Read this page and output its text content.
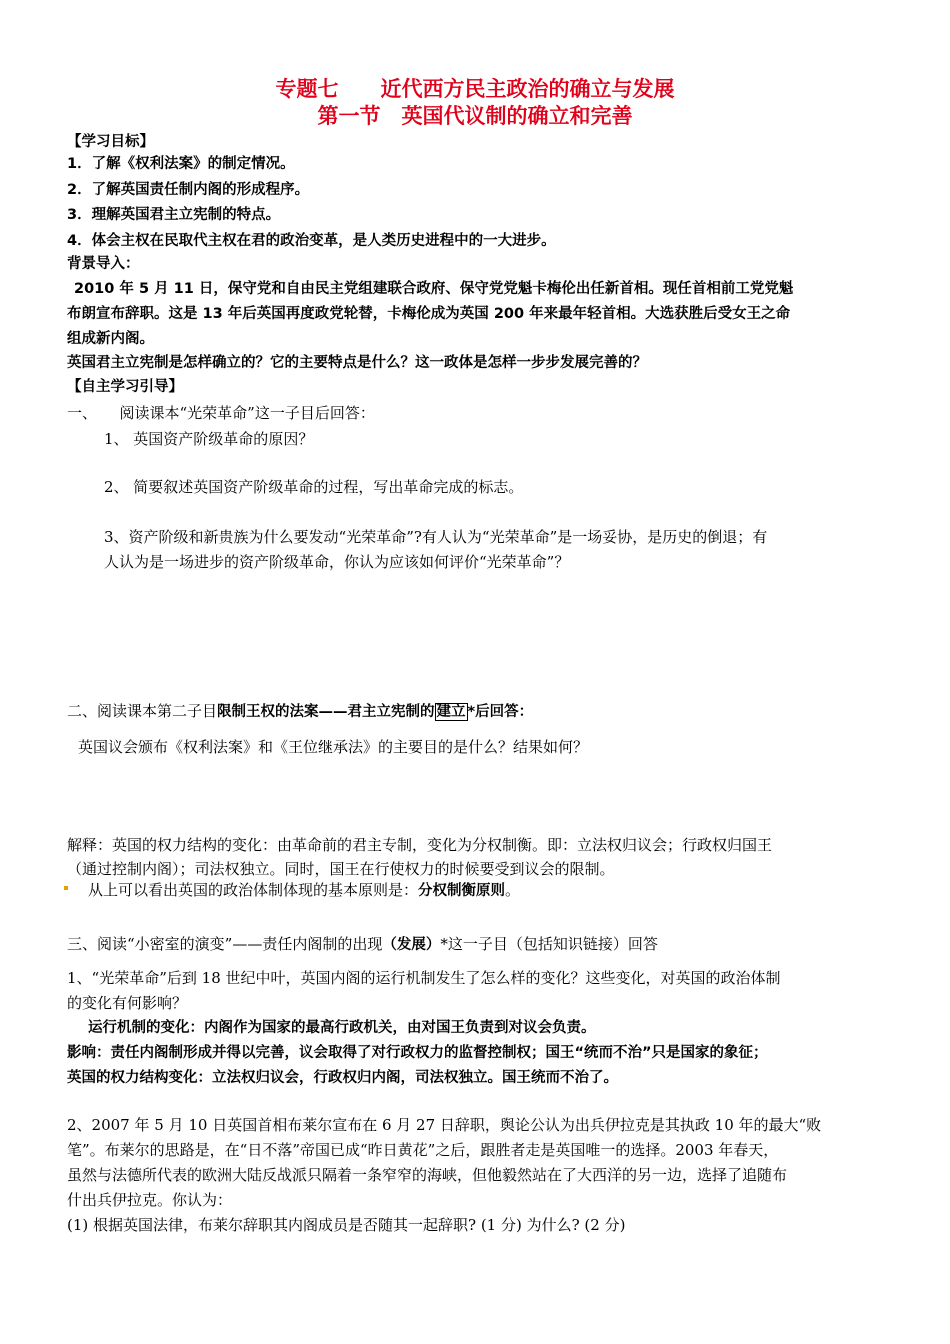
专题七　　近代西方民主政治的确立与发展
第一节　英国代议制的确立和完善
【学习目标】
1．了解《权利法案》的制定情况。
2．了解英国责任制内阁的形成程序。
3．理解英国君主立宪制的特点。
4．体会主权在民取代主权在君的政治变革，是人类历史进程中的一大进步。
背景导入：
2010 年 5 月 11 日，保守党和自由民主党组建联合政府、保守党党魁卡梅伦出任新首相。现任首相前工党党魁
布朗宣布辞职。这是 13 年后英国再度政党轮替，卡梅伦成为英国 200 年来最年轻首相。大选获胜后受女王之命
组成新内阁。
英国君主立宪制是怎样确立的？它的主要特点是什么？这一政体是怎样一步步发展完善的？
【自主学习引导】
一、　　阅读课本“光荣革命”这一子目后回答：
1、 英国资产阶级革命的原因？
2、 简要叙述英国资产阶级革命的过程，写出革命完成的标志。
3、资产阶级和新贵族为什么要发动“光荣革命”?有人认为“光荣革命”是一场妥协，是历史的倒退；有
人认为是一场进步的资产阶级革命，你认为应该如何评价“光荣革命”？
二、阅读课本第二子目限制王权的法案——君主立宪制的 建立 *后回答：
英国议会颁布《权利法案》和《王位继承法》的主要目的是什么？结果如何？
解释：英国的权力结构的变化：由革命前的君主专制，变化为分权制衡。即：立法权归议会；行政权归国王
（通过控制内阁）；司法权独立。同时，国王在行使权力的时候要受到议会的限制。
从上可以看出英国的政治体制体现的基本原则是：分权制衡原则。
三、阅读“小密室的演变”——责任内阁制的出现（发展）*这一子目（包括知识链接）回答
1、“光荣革命”后到 18 世纪中叶，英国内阁的运行机制发生了怎么样的变化？这些变化，对英国的政治体制
的变化有何影响？
运行机制的变化：内阁作为国家的最高行政机关，由对国王负责到对议会负责。
影响：责任内阁制形成并得以完善，议会取得了对行政权力的监督控制权；国王“统而不治”只是国家的象征；
英国的权力结构变化：立法权归议会，行政权归内阁，司法权独立。国王统而不治了。
2、2007 年 5 月 10 日英国首相布莱尔宣布在 6 月 27 日辞职，舆论公认为出兵伊拉克是其执政 10 年的最大“败
笔”。布莱尔的思路是，在“日不落”帝国已成“昨日黄花”之后，跟胜者走是英国唯一的选择。2003 年春天，
虽然与法德所代表的欧洲大陆反战派只隔着一条窄窄的海峡，但他毅然站在了大西洋的另一边，选择了追随布
什出兵伊拉克。你认为：
(1) 根据英国法律，布莱尔辞职其内阁成员是否随其一起辞职? (1 分) 为什么? (2 分)
